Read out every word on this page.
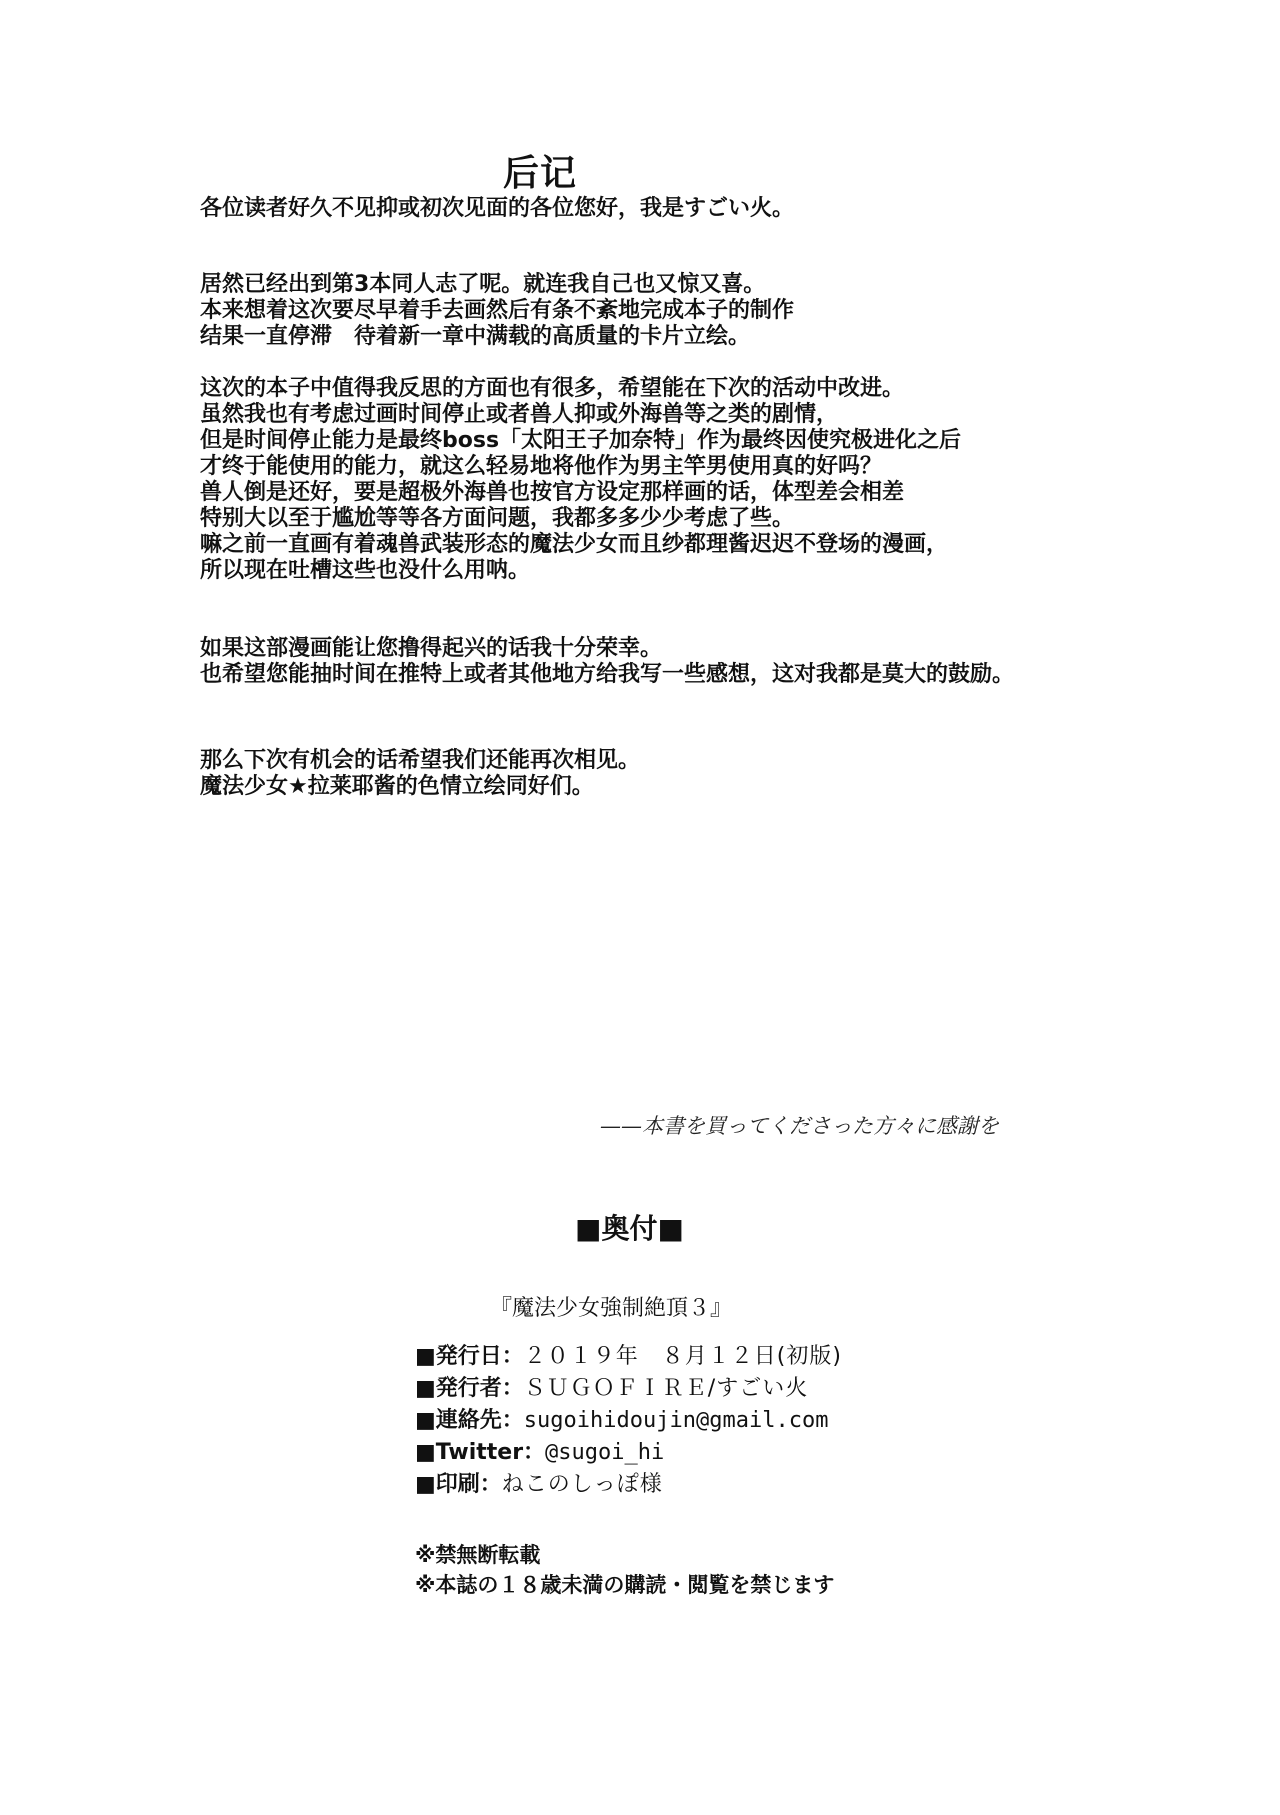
后记
各位读者好久不见抑或初次见面的各位您好，我是すごい火。
居然已经出到第3本同人志了呢。就连我自己也又惊又喜。
本来想着这次要尽早着手去画然后有条不紊地完成本子的制作
结果一直停滞　待着新一章中满载的高质量的卡片立绘。
这次的本子中值得我反思的方面也有很多，希望能在下次的活动中改进。
虽然我也有考虑过画时间停止或者兽人抑或外海兽等之类的剧情，
但是时间停止能力是最终boss「太阳王子加奈特」作为最终因使究极进化之后
才终于能使用的能力，就这么轻易地将他作为男主竿男使用真的好吗？
兽人倒是还好，要是超极外海兽也按官方设定那样画的话，体型差会相差
特别大以至于尴尬等等各方面问题，我都多多少少考虑了些。
嘛之前一直画有着魂兽武装形态的魔法少女而且纱都理酱迟迟不登场的漫画，
所以现在吐槽这些也没什么用呐。
如果这部漫画能让您撸得起兴的话我十分荣幸。
也希望您能抽时间在推特上或者其他地方给我写一些感想，这对我都是莫大的鼓励。
那么下次有机会的话希望我们还能再次相见。
魔法少女★拉莱耶酱的色情立绘同好们。
——本書を買ってくださった方々に感謝を
■奥付■
『魔法少女強制絶頂３』
■発行日：２０１９年　８月１２日(初版)
■発行者：ＳＵＧＯＦＩＲＥ/すごい火
■連絡先：sugoihidoujin@gmail.com
■Twitter：@sugoi_hi
■印刷：ねこのしっぽ様
※禁無断転載
※本誌の１８歳未満の購読・閲覧を禁じます
